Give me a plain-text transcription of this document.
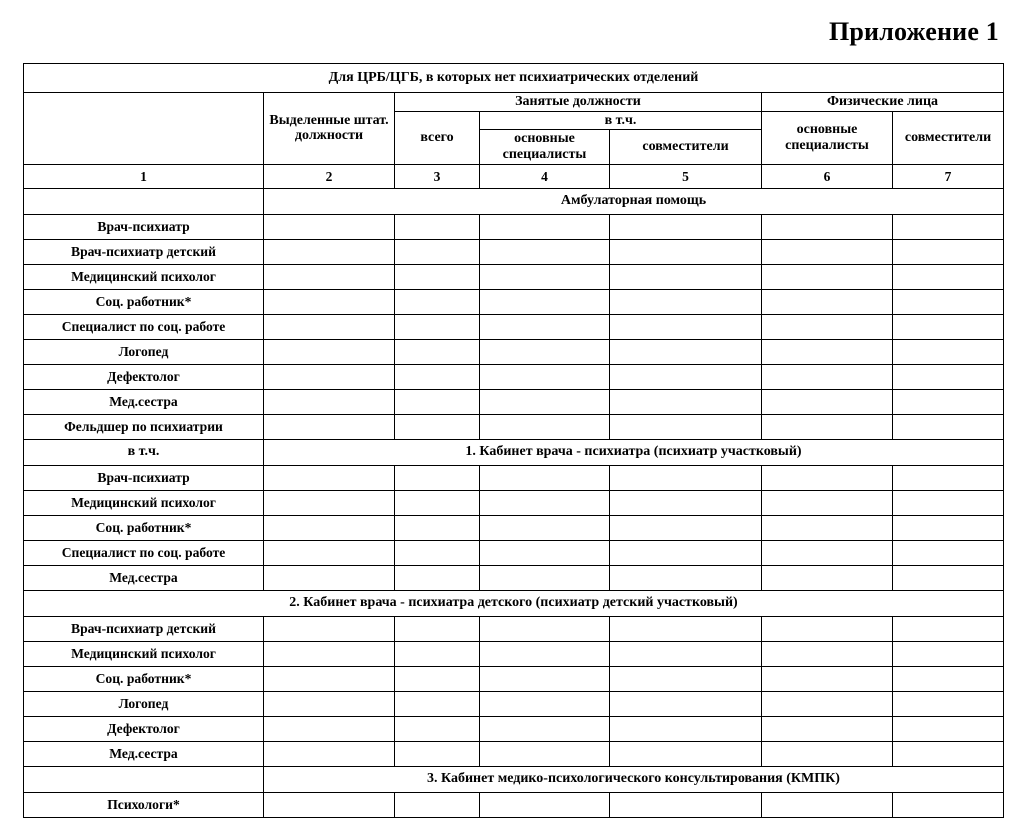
Приложение 1
Для ЦРБ/ЦГБ, в которых нет психиатрических отделений						
	Выделенные штат. должности	Занятые должности			Физические лица	
		всего	в т.ч.		основные специалисты	совместители
			основные специалисты	совместители		
1	2	3	4	5	6	7
	Амбулаторная помощь					
Врач-психиатр						
Врач-психиатр детский						
Медицинский психолог						
Соц. работник*						
Специалист по соц. работе						
Логопед						
Дефектолог						
Мед.сестра						
Фельдшер по психиатрии						
в т.ч.	1. Кабинет врача - психиатра (психиатр участковый)					
Врач-психиатр						
Медицинский психолог						
Соц. работник*						
Специалист по соц. работе						
Мед.сестра						
2. Кабинет врача - психиатра детского (психиатр детский участковый)						
Врач-психиатр детский						
Медицинский психолог						
Соц. работник*						
Логопед						
Дефектолог						
Мед.сестра						
	3. Кабинет медико-психологического консультирования (КМПК)					
Психологи*						
